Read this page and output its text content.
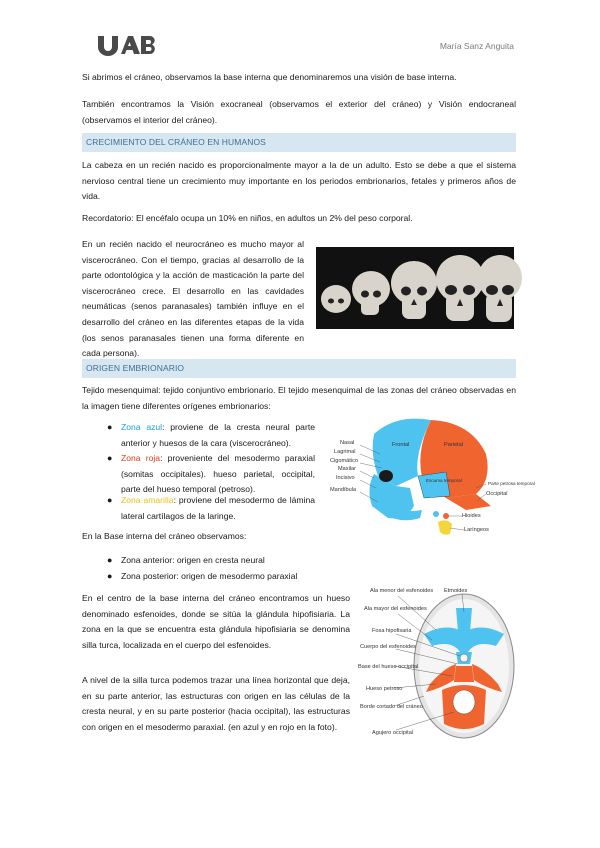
UAB
María Sanz Anguita

Si abrimos el cráneo, observamos la base interna que denominaremos una visión de base interna.

También encontramos la Visión exocraneal (observamos el exterior del cráneo) y Visión endocraneal (observamos el interior del cráneo).

CRECIMIENTO DEL CRÁNEO EN HUMANOS

La cabeza en un recién nacido es proporcionalmente mayor a la de un adulto. Esto se debe a que el sistema nervioso central tiene un crecimiento muy importante en los periodos embrionarios, fetales y primeros años de vida.

Recordatorio: El encéfalo ocupa un 10% en niños, en adultos un 2% del peso corporal.

En un recién nacido el neurocráneo es mucho mayor al viscerocráneo. Con el tiempo, gracias al desarrollo de la parte odontológica y la acción de masticación la parte del viscerocráneo crece. El desarrollo en las cavidades neumáticas (senos paranasales) también influye en el desarrollo del cráneo en las diferentes etapas de la vida (los senos paranasales tienen una forma diferente en cada persona).

ORIGEN EMBRIONARIO

Tejido mesenquimal: tejido conjuntivo embrionario. El tejido mesenquimal de las zonas del cráneo observadas en la imagen tiene diferentes orígenes embrionarios:

● Zona azul: proviene de la cresta neural parte anterior y huesos de la cara (viscerocráneo).
● Zona roja: proveniente del mesodermo paraxial (somitas occipitales). hueso parietal, occipital, parte del hueso temporal (petroso).
● Zona amarilla: proviene del mesodermo de lámina lateral cartílagos de la laringe.
Nasal
Lagrimal
Cigomático
Maxilar
Incisivo
Mandíbula
Frontal	Parietal
Escama temporal
Parte petrosa temporal
Occipital
Hioides
Laríngeos

En la Base interna del cráneo observamos:

● Zona anterior: origen en cresta neural
● Zona posterior: origen de mesodermo paraxial

En el centro de la base interna del cráneo encontramos un hueso denominado esfenoides, donde se sitúa la glándula hipofisiaria. La zona en la que se encuentra esta glándula hipofisiaria se denomina silla turca, localizada en el cuerpo del esfenoides.

A nivel de la silla turca podemos trazar una línea horizontal que deja, en su parte anterior, las estructuras con origen en las células de la cresta neural, y en su parte posterior (hacia occipital), las estructuras con origen en el mesodermo paraxial. (en azul y en rojo en la foto).

Ala menor del esfenoides Etmoides
Ala mayor del esfenoides
Fosa hipofisaria
Cuerpo del esfenoides
Base del hueso occipital
Hueso petroso
Borde cortado del cráneo
Agujero occipital
